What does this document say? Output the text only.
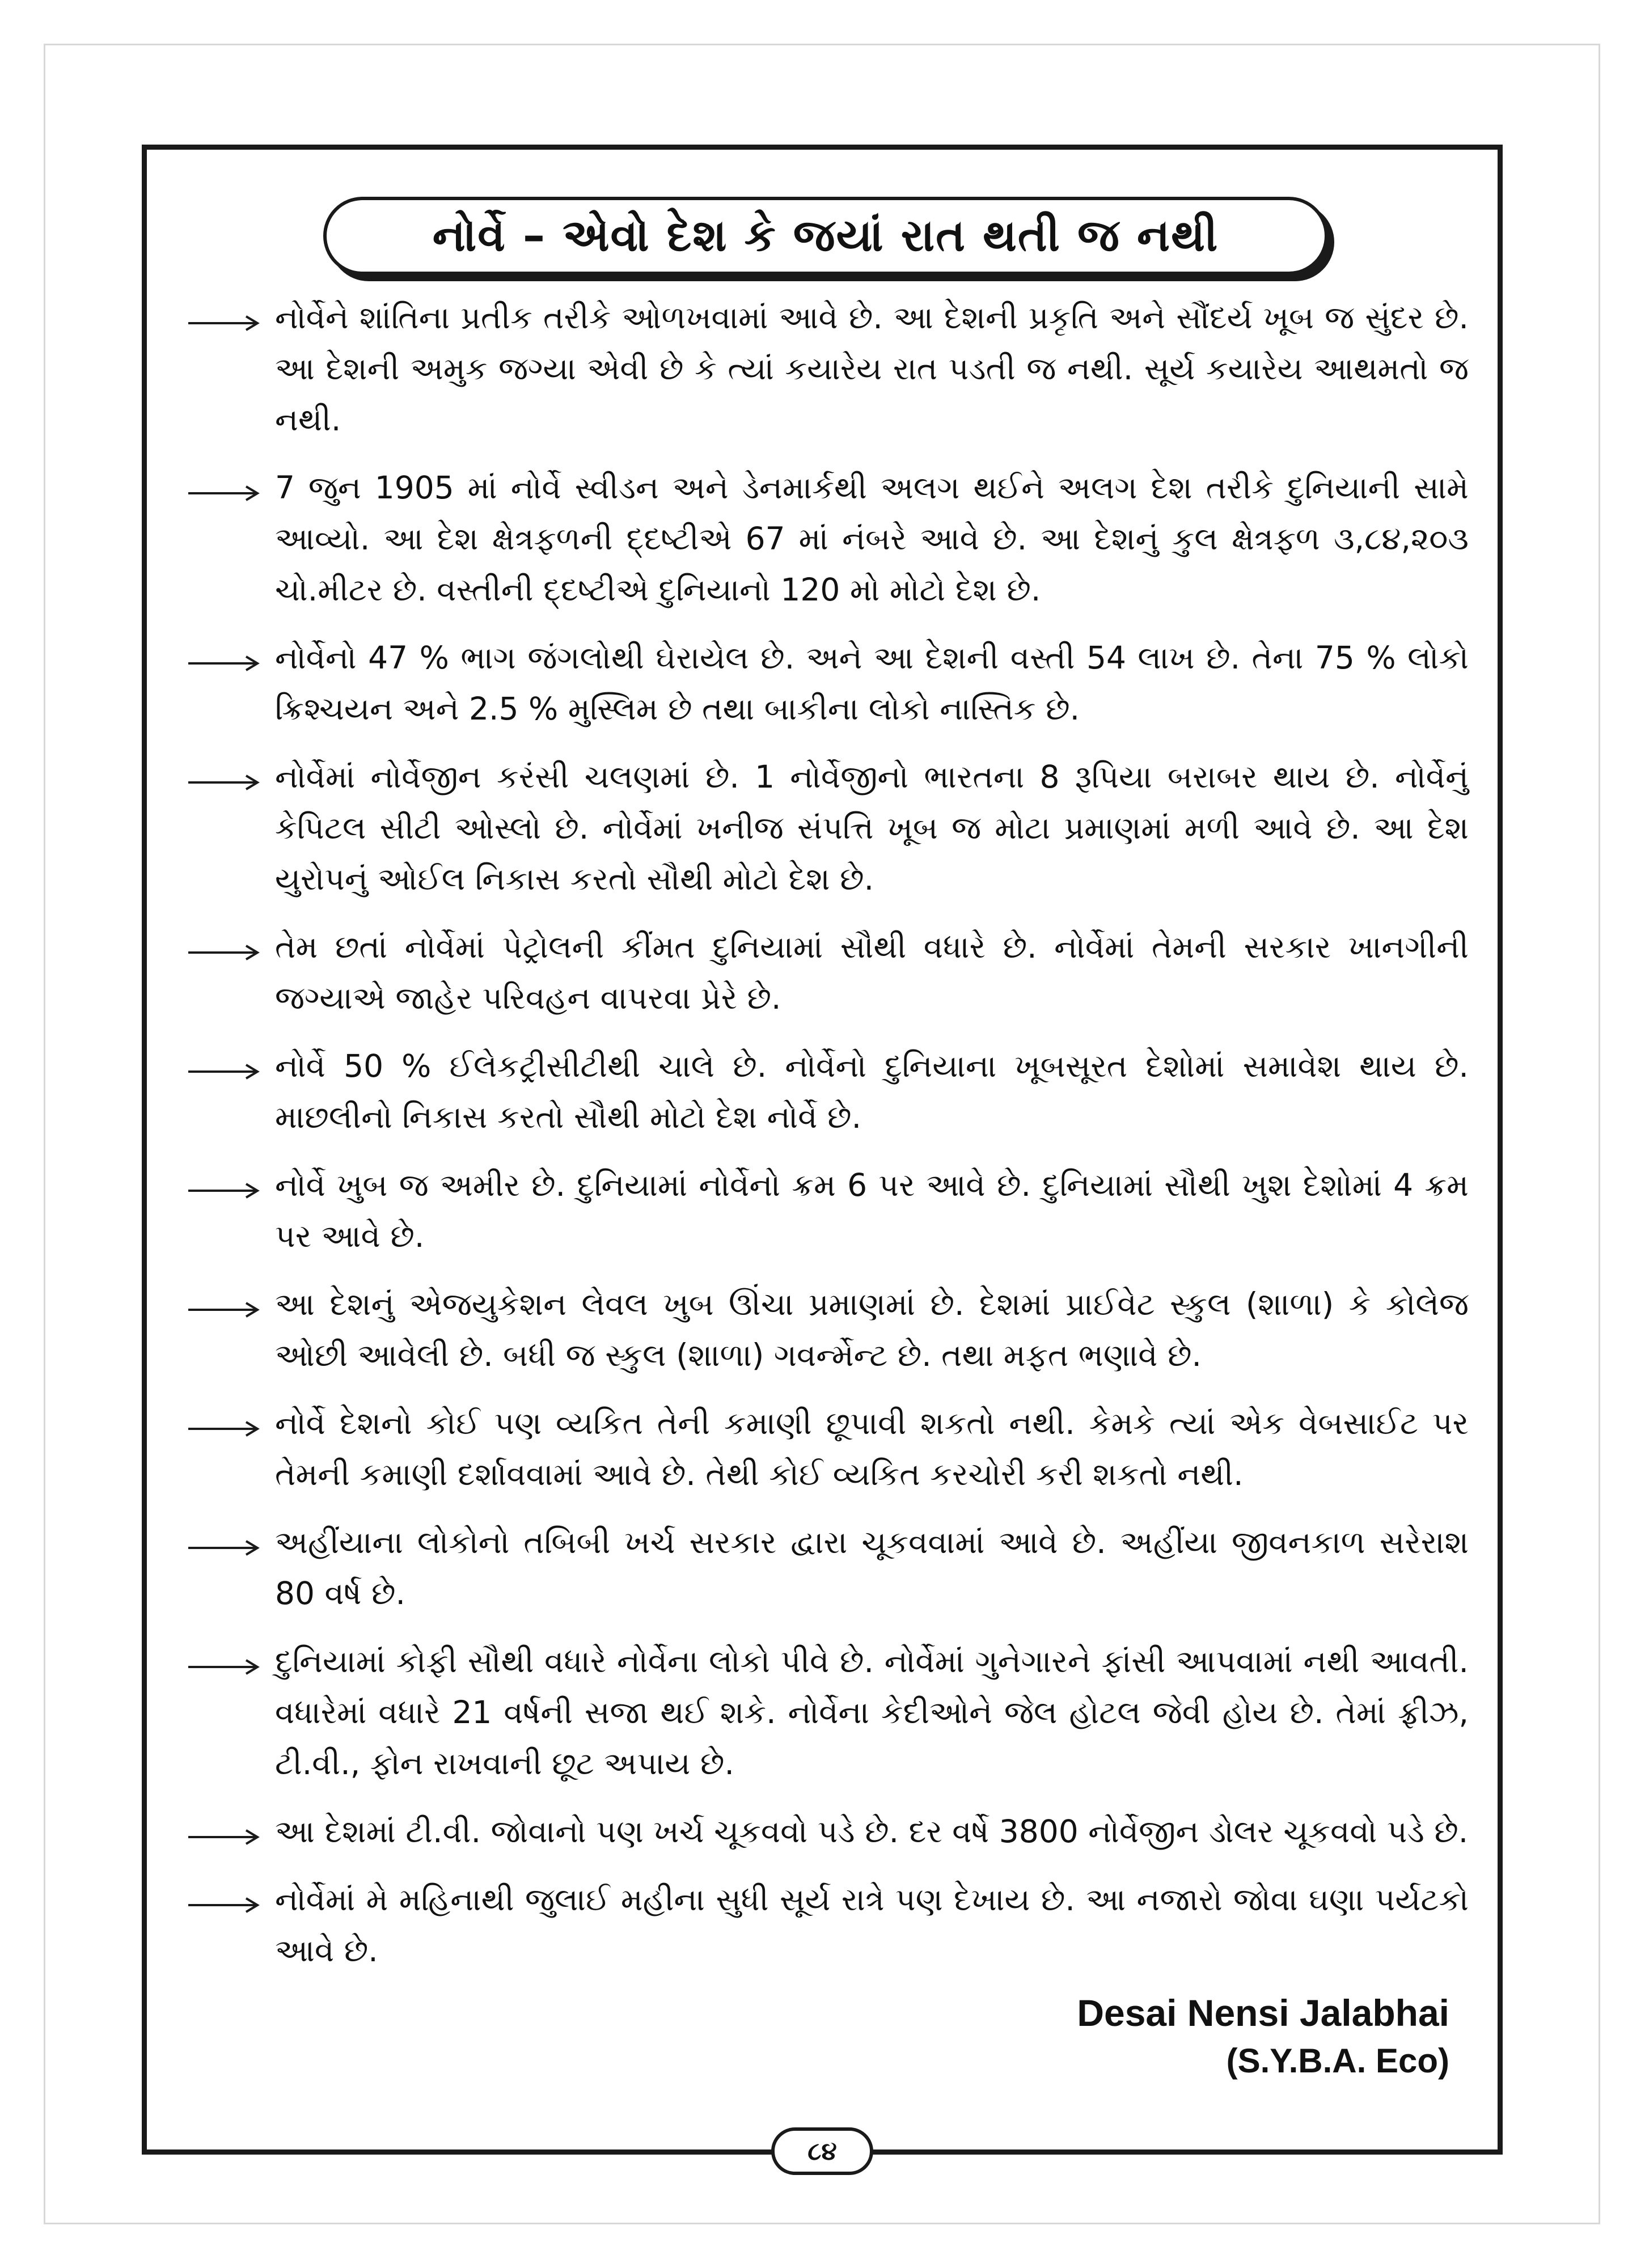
નોર્વે – એવો દેશ કે જયાં રાત થતી જ નથી
નોર્વેને શાંતિના પ્રતીક તરીકે ઓળખવામાં આવે છે. આ દેશની પ્રકૃતિ અને સૌંદર્ય ખૂબ જ સુંદર છે. આ દેશની અમુક જગ્યા એવી છે કે ત્યાં કયારેય રાત પડતી જ નથી. સૂર્ય કયારેય આથમતો જ નથી.
7 જુન 1905 માં નોર્વે સ્વીડન અને ડેનમાર્કથી અલગ થઈને અલગ દેશ તરીકે દુનિયાની સામે આવ્યો. આ દેશ ક્ષેત્રફળની દ્દષ્ટીએ 67 માં નંબરે આવે છે. આ દેશનું કુલ ક્ષેત્રફળ ૩,૮૪,૨૦૩ ચો.મીટર છે. વસ્તીની દ્દષ્ટીએ દુનિયાનો 120 મો મોટો દેશ છે.
નોર્વેનો 47 % ભાગ જંગલોથી ઘેરાયેલ છે. અને આ દેશની વસ્તી 54 લાખ છે. તેના 75 % લોકો ક્રિશ્ચયન અને 2.5 % મુસ્લિમ છે તથા બાકીના લોકો નાસ્તિક છે.
નોર્વેમાં નોર્વેજીન કરંસી ચલણમાં છે. 1 નોર્વેજીનો ભારતના 8 રૂપિયા બરાબર થાય છે. નોર્વેનું કેપિટલ સીટી ઓસ્લો છે. નોર્વેમાં ખનીજ સંપત્તિ ખૂબ જ મોટા પ્રમાણમાં મળી આવે છે. આ દેશ યુરોપનું ઓઈલ નિકાસ કરતો સૌથી મોટો દેશ છે.
તેમ છતાં નોર્વેમાં પેટ્રોલની કીંમત દુનિયામાં સૌથી વધારે છે. નોર્વેમાં તેમની સરકાર ખાનગીની જગ્યાએ જાહેર પરિવહન વાપરવા પ્રેરે છે.
નોર્વે 50 % ઈલેકટ્રીસીટીથી ચાલે છે. નોર્વેનો દુનિયાના ખૂબસૂરત દેશોમાં સમાવેશ થાય છે. માછલીનો નિકાસ કરતો સૌથી મોટો દેશ નોર્વે છે.
નોર્વે ખુબ જ અમીર છે. દુનિયામાં નોર્વેનો ક્રમ 6 પર આવે છે. દુનિયામાં સૌથી ખુશ દેશોમાં 4 ક્રમ પર આવે છે.
આ દેશનું એજયુકેશન લેવલ ખુબ ઊંચા પ્રમાણમાં છે. દેશમાં પ્રાઈવેટ સ્કુલ (શાળા) કે કોલેજ ઓછી આવેલી છે. બધી જ સ્કુલ (શાળા) ગવર્ન્મેન્ટ છે. તથા મફત ભણાવે છે.
નોર્વે દેશનો કોઈ પણ વ્યકિત તેની કમાણી છૂપાવી શકતો નથી. કેમકે ત્યાં એક વેબસાઈટ પર તેમની કમાણી દર્શાવવામાં આવે છે. તેથી કોઈ વ્યકિત કરચોરી કરી શકતો નથી.
અહીંયાના લોકોનો તબિબી ખર્ચ સરકાર દ્વારા ચૂકવવામાં આવે છે. અહીંયા જીવનકાળ સરેરાશ 80 વર્ષ છે.
દુનિયામાં કોફી સૌથી વધારે નોર્વેના લોકો પીવે છે. નોર્વેમાં ગુનેગારને ફાંસી આપવામાં નથી આવતી. વધારેમાં વધારે 21 વર્ષની સજા થઈ શકે. નોર્વેના કેદીઓને જેલ હોટલ જેવી હોય છે. તેમાં ફ્રીઝ, ટી.વી., ફોન રાખવાની છૂટ અપાય છે.
આ દેશમાં ટી.વી. જોવાનો પણ ખર્ચ ચૂકવવો પડે છે. દર વર્ષે 3800 નોર્વેજીન ડોલર ચૂકવવો પડે છે.
નોર્વેમાં મે મહિનાથી જુલાઈ મહીના સુધી સૂર્ય રાત્રે પણ દેખાય છે. આ નજારો જોવા ઘણા પર્યટકો આવે છે.
Desai Nensi Jalabhai
(S.Y.B.A. Eco)
૮૪
